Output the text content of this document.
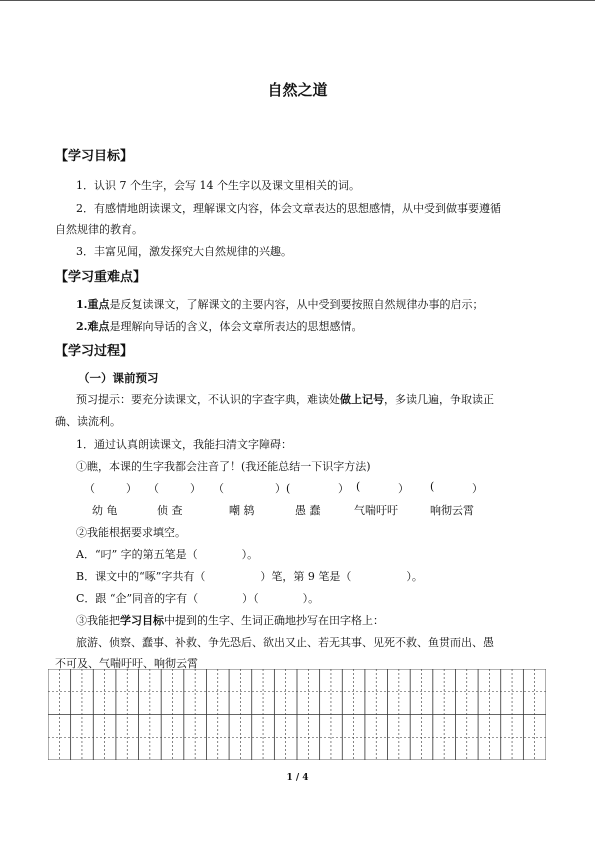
自然之道
【学习目标】
1．认识 7 个生字，会写 14 个生字以及课文里相关的词。
2．有感情地朗读课文，理解课文内容，体会文章表达的思想感情，从中受到做事要遵循
自然规律的教育。
3．丰富见闻，激发探究大自然规律的兴趣。
【学习重难点】
1.重点是反复读课文，了解课文的主要内容，从中受到要按照自然规律办事的启示；
2.难点是理解向导话的含义，体会文章所表达的思想感情。
【学习过程】
（一）课前预习
预习提示：要充分读课文，不认识的字查字典，难读处做上记号，多读几遍，争取读正
确、读流利。
1．通过认真朗读课文，我能扫清文字障碍：
①瞧，本课的生字我都会注音了！(我还能总结一下识字方法)
（	） （	） （	）(	） (	） (	）
幼 龟	侦 查	嘲 鸫	愚 蠢	气喘吁吁	响彻云霄
②我能根据要求填空。
A．“叼” 字的第五笔是（　　　　）。
B．课文中的“啄”字共有（　　　　　）笔，第 9 笔是（　　　　　）。
C．跟 “企”同音的字有（　　　　）（　　　　）。
③我能把学习目标中提到的生字、生词正确地抄写在田字格上：
旅游、侦察、蠢事、补救、争先恐后、欲出又止、若无其事、见死不救、鱼贯而出、愚
不可及、气喘吁吁、响彻云霄
1 / 4
